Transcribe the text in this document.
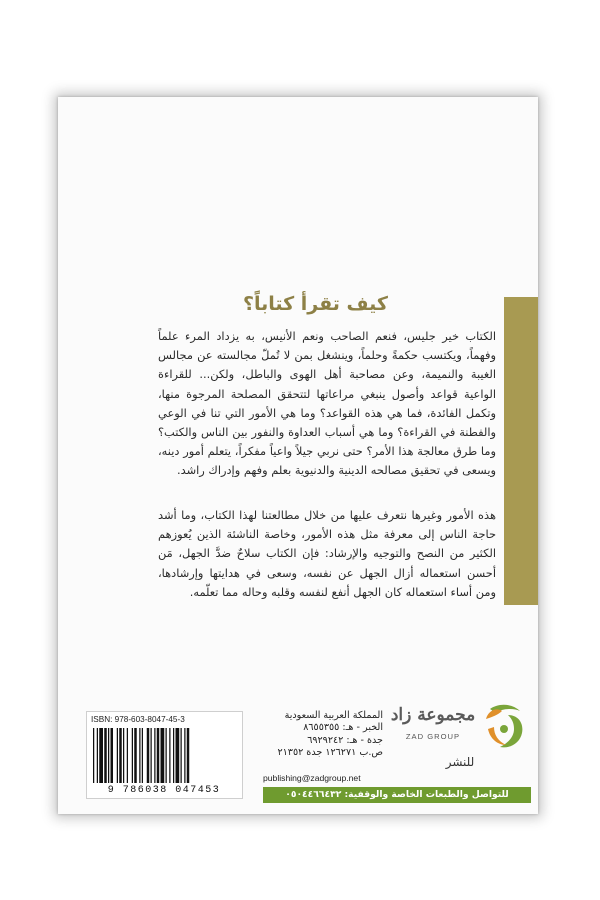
كيف تقرأ كتاباً؟

الكتاب خير جليس، فنعم الصاحب ونعم الأنيس، به يزداد المرء علماً وفهماً، ويكتسب حكمةً وحلماً، وينشغل بمن لا تُملّ مجالسته عن مجالس الغيبة والنميمة، وعن مصاحبة أهل الهوى والباطل، ولكن... للقراءة الواعية قواعد وأصول ينبغي مراعاتها لتتحقق المصلحة المرجوة منها، وتكمل الفائدة، فما هي هذه القواعد؟ وما هي الأمور التي تنا في الوعي والفطنة في القراءة؟ وما هي أسباب العداوة والنفور بين الناس والكتب؟ وما طرق معالجة هذا الأمر؟ حتى نربي جيلاً واعياً مفكراً، يتعلم أمور دينه، ويسعى في تحقيق مصالحه الدينية والدنيوية بعلم وفهم وإدراك راشد.

هذه الأمور وغيرها نتعرف عليها من خلال مطالعتنا لهذا الكتاب، وما أشد حاجة الناس إلى معرفة مثل هذه الأمور، وخاصة الناشئة الذين يُعوزهم الكثير من النصح والتوجيه والإرشاد: فإن الكتاب سلاحٌ ضدَّ الجهل، مَن أحسن استعماله أزال الجهل عن نفسه، وسعى في هدايتها وإرشادها، ومن أساء استعماله كان الجهل أنفع لنفسه وقلبه وحاله مما تعلّمه.

ISBN: 978-603-8047-45-3
9 786038 047453
المملكة العربية السعودية
الخبر - هـ: ٨٦٥٥٣٥٥
جدة - هـ: ٦٩٢٩٢٤٢
ص.ب ١٢٦٢٧١ جدة ٢١٣٥٢
publishing@zadgroup.net
مجموعة زاد
ZAD GROUP
للنشر
للتواصل والطبعات الخاصة والوقفية: ٠٥٠٤٤٦٦٤٣٢
